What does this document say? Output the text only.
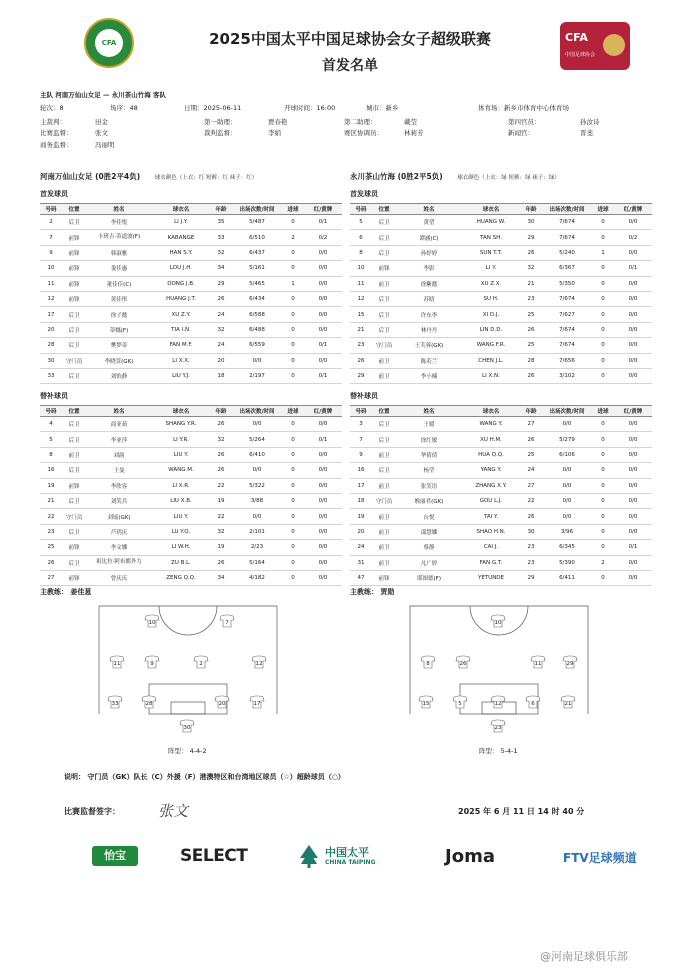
CFA	2025中国太平中国足球协会女子超级联赛
首发名单
CFA
中国足球协会
主队 河南万仙山女足 — 永川茶山竹海 客队
轮次：8	场序：48	日期：2025-06-11	开球时间：16:00	城市：新乡	体育场：新乡市体育中心体育场
主裁判：	田金	第一助理：	贾春艳	第二助理：	戴莹	第四官员：	孙汝诗
比赛监督：	张文	裁判监督：	李娟	赛区协调员：	林莉芳	新闻官：	晋斐
商务监督：	冯丽明
河南万仙山女足 (0胜2平4负)	球衣颜色（上衣：红 短裤：红 袜子：红）	永川茶山竹海 (0胜2平5负)	球衣颜色（上衣：绿 短裤：绿 袜子：绿）
首发球员	首发球员
号码	位置	姓名	球衣名	年龄	出场次数/时间	进球	红/黄牌
2	后卫	李佳悦	LI J.Y.	35	5/487	0	0/1
7	前锋	卡班吉·蒂道波(F)	KABANGE	33	6/510	2	0/2
9	前锋	韩淑雅	HAN S.Y.	32	6/437	0	0/0
10	前锋	娄佳惠	LOU J.H.	34	5/161	0	0/0
11	前锋	董佳佳(C)	DONG J.B.	29	5/465	1	0/0
12	前锋	黄佳彤	HUANG J.T.	26	6/434	0	0/0
17	后卫	徐子懿	XU Z.Y.	24	6/588	0	0/0
20	后卫	蒂娜(F)	TIA I.N.	32	6/488	0	0/0
28	后卫	樊梦蒂	FAN M.F.	24	6/559	0	0/1
30	守门员	李晓萱(GK)	LI X.X.	20	0/0	0	0/0
33	后卫	刘怡静	LIU Y.J.	18	2/197	0	0/1
号码	位置	姓名	球衣名	年龄	出场次数/时间	进球	红/黄牌
5	后卫	黄望	HUANG W.	30	7/674	0	0/0
6	后卫	谭涵(C)	TAN SH.	29	7/674	0	0/2
8	后卫	孙婷婷	SUN T.T.	26	5/240	1	0/0
10	前锋	李影	LI Y.	32	6/367	0	0/1
11	前卫	徐紫懿	XU Z.X.	21	5/350	0	0/0
12	后卫	苏晗	SU H.	23	7/674	0	0/0
15	后卫	许东李	XI D.J.	25	7/627	0	0/0
21	后卫	林丹丹	LIN D.D.	26	7/674	0	0/0
23	守门员	王芙蓉(GK)	WANG F.R.	25	7/674	0	0/0
26	前卫	陈若兰	CHEN J.L.	28	7/656	0	0/0
29	前卫	李小楠	LI X.N.	26	3/102	0	0/0
替补球员	替补球员
号码	位置	姓名	球衣名	年龄	出场次数/时间	进球	红/黄牌
4	后卫	商亚茹	SHANG Y.R.	26	0/0	0	0/0
5	后卫	李亚萍	LI Y.R.	32	5/264	0	0/1
8	前卫	刘韵	LIU Y.	26	6/410	0	0/0
16	后卫	王曼	WANG M.	26	0/0	0	0/0
19	前锋	李欣容	LI X.R.	22	5/322	0	0/0
21	后卫	刘笑兵	LIU X.B.	19	3/88	0	0/0
22	守门员	刘瑶(GK)	LIU Y.	22	0/0	0	0/0
23	后卫	芦玥庆	LU Y.Q.	32	2/101	0	0/0
25	前锋	李文娜	LI W.H.	19	2/23	0	0/0
26	后卫	祖比拉·阿布都外力	ZU B.L.	26	5/164	0	0/0
27	前锋	曾庆庆	ZENG Q.Q.	34	4/182	0	0/0
号码	位置	姓名	球衣名	年龄	出场次数/时间	进球	红/黄牌
3	后卫	王媛	WANG Y.	27	0/0	0	0/0
7	后卫	徐红敏	XU H.M.	26	5/279	0	0/0
9	前卫	华倩倩	HUA Q.Q.	25	6/106	0	0/0
16	后卫	杨莹	YANG Y.	24	0/0	0	0/0
17	前卫	张笑语	ZHANG X.Y.	27	0/0	0	0/0
18	守门员	缑丽君(GK)	GOU L.J.	22	0/0	0	0/0
19	前卫	台悦	TAI Y.	26	0/0	0	0/0
20	前卫	邵慧娜	SHAO H.N.	30	3/96	0	0/0
24	前卫	蔡静	CAI J.	23	6/345	0	0/1
31	前卫	凡广婷	FAN G.T.	23	5/390	2	0/0
47	前锋	耶图德(F)	YETUNDE	29	6/411	0	0/0
主教练： 姜佳葸	主教练： 贾勋
10	7
11	9	2	12
33	28
30
20	17
10
8	26	11	29
15	5	12	6	21
23
阵型： 4-4-2	阵型： 5-4-1
说明： 守门员（GK）队长（C）外援（F）港澳特区和台湾地区球员（☆）超龄球员（○）
比赛监督签字：	张文	2025 年 6 月 11 日 14 时 40 分
怡宝	SELECT	中国太平
CHINA TAIPING	Joma	FTV足球频道
@河南足球俱乐部
